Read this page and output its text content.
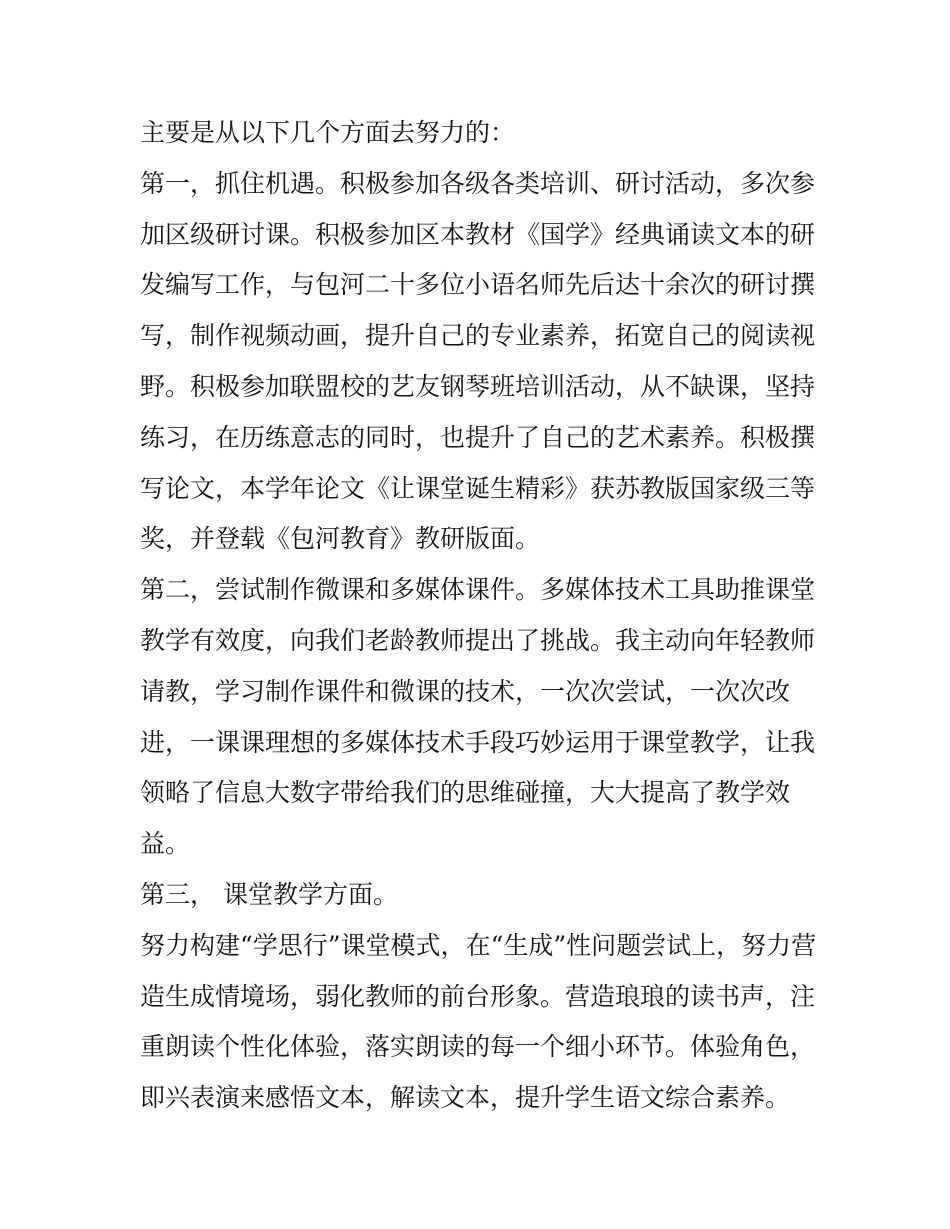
主要是从以下几个方面去努力的：
第一，抓住机遇。积极参加各级各类培训、研讨活动，多次参
加区级研讨课。积极参加区本教材《国学》经典诵读文本的研
发编写工作，与包河二十多位小语名师先后达十余次的研讨撰
写，制作视频动画，提升自己的专业素养，拓宽自己的阅读视
野。积极参加联盟校的艺友钢琴班培训活动，从不缺课，坚持
练习，在历练意志的同时，也提升了自己的艺术素养。积极撰
写论文，本学年论文《让课堂诞生精彩》获苏教版国家级三等
奖，并登载《包河教育》教研版面。
第二，尝试制作微课和多媒体课件。多媒体技术工具助推课堂
教学有效度，向我们老龄教师提出了挑战。我主动向年轻教师
请教，学习制作课件和微课的技术，一次次尝试，一次次改
进，一课课理想的多媒体技术手段巧妙运用于课堂教学，让我
领略了信息大数字带给我们的思维碰撞，大大提高了教学效
益。
第三， 课堂教学方面。
努力构建“学思行”课堂模式，在“生成”性问题尝试上，努力营
造生成情境场，弱化教师的前台形象。营造琅琅的读书声，注
重朗读个性化体验，落实朗读的每一个细小环节。体验角色，
即兴表演来感悟文本，解读文本，提升学生语文综合素养。
